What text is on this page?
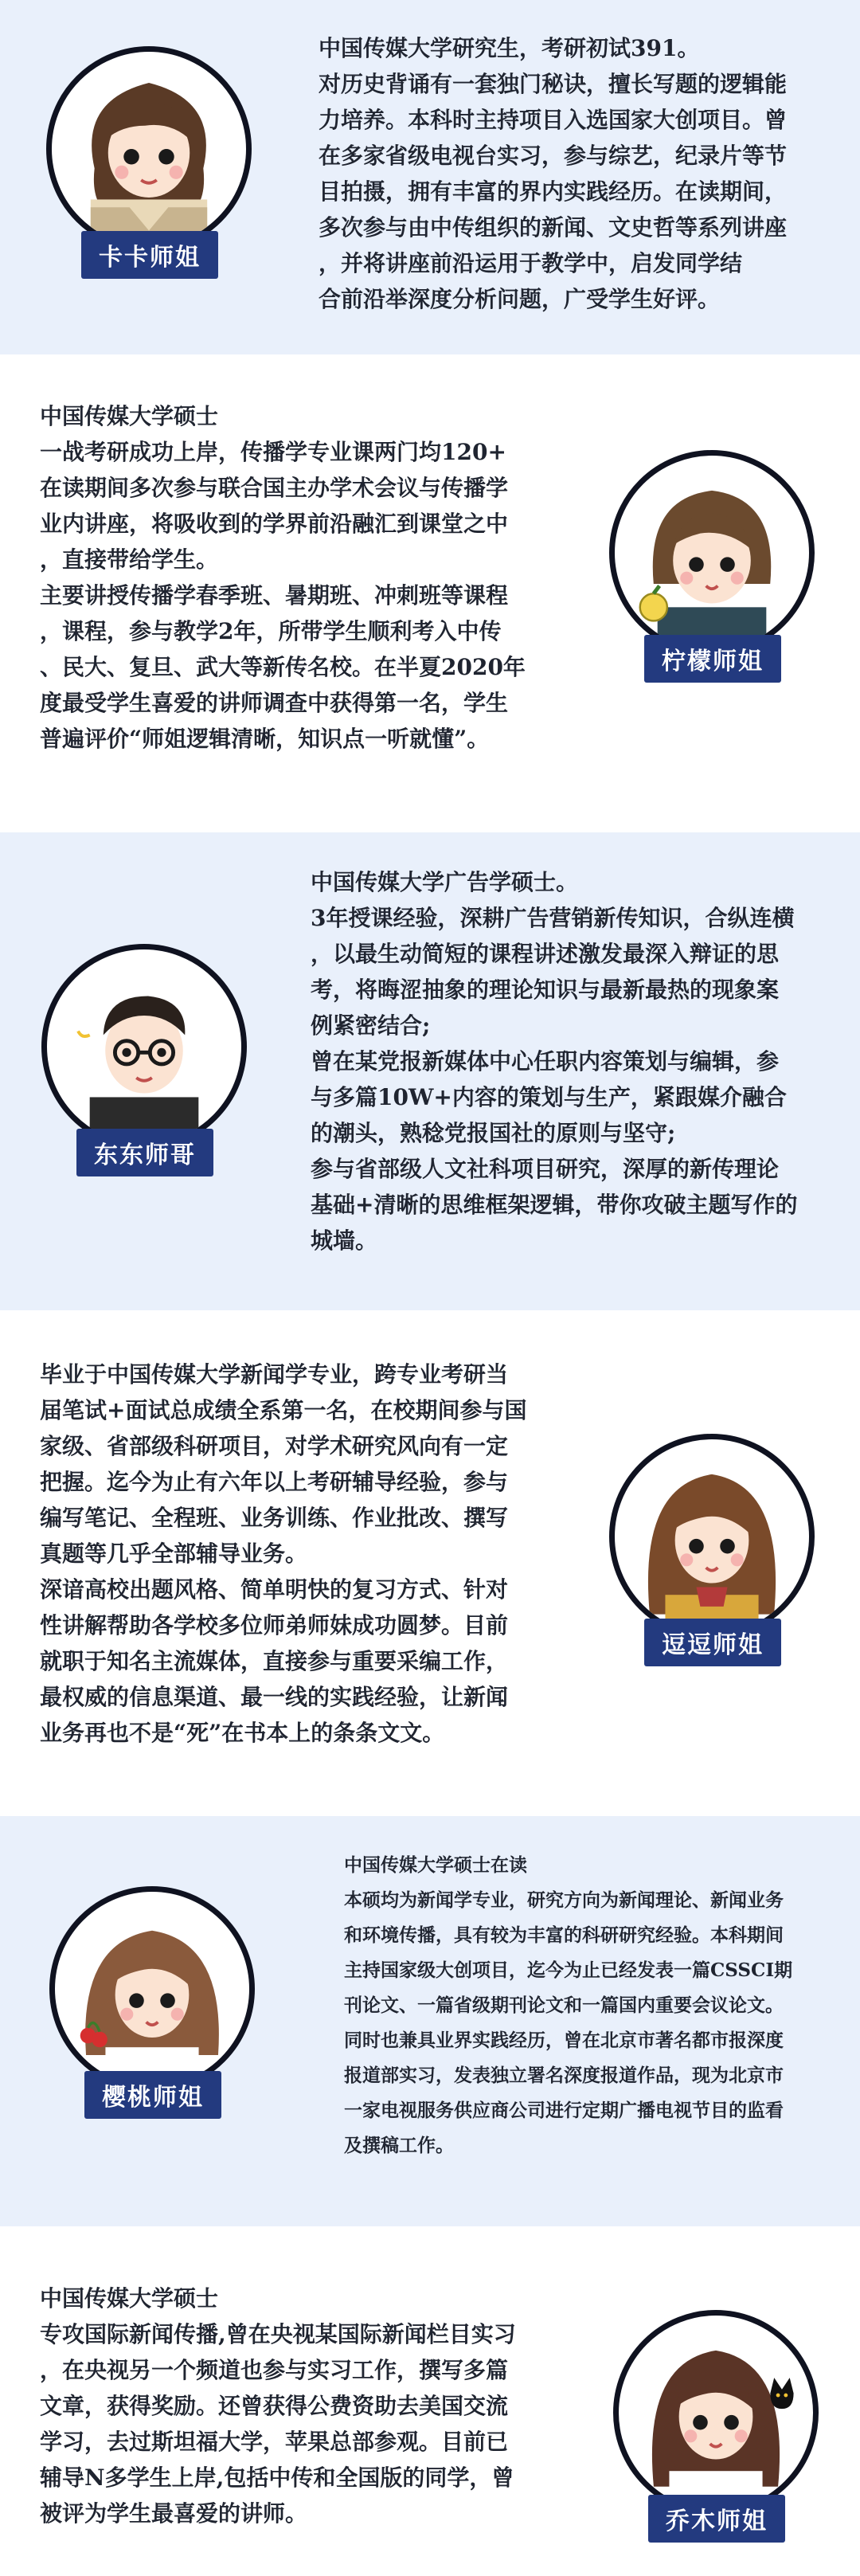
卡卡师姐

中国传媒大学研究生，考研初试391。

对历史背诵有一套独门秘诀，擅长写题的逻辑能

力培养。本科时主持项目入选国家大创项目。曾

在多家省级电视台实习，参与综艺，纪录片等节

目拍摄，拥有丰富的界内实践经历。在读期间，

多次参与由中传组织的新闻、文史哲等系列讲座

，并将讲座前沿运用于教学中，启发同学结

合前沿举深度分析问题，广受学生好评。

中国传媒大学硕士

一战考研成功上岸，传播学专业课两门均120+

在读期间多次参与联合国主办学术会议与传播学

业内讲座，将吸收到的学界前沿融汇到课堂之中

，直接带给学生。

主要讲授传播学春季班、暑期班、冲刺班等课程

，课程，参与教学2年，所带学生顺利考入中传

、民大、复旦、武大等新传名校。在半夏2020年

度最受学生喜爱的讲师调查中获得第一名，学生

普遍评价“师姐逻辑清晰，知识点一听就懂”。

柠檬师姐
东东师哥

中国传媒大学广告学硕士。

3年授课经验，深耕广告营销新传知识，合纵连横

，以最生动简短的课程讲述激发最深入辩证的思

考，将晦涩抽象的理论知识与最新最热的现象案

例紧密结合;

曾在某党报新媒体中心任职内容策划与编辑，参

与多篇10W+内容的策划与生产，紧跟媒介融合

的潮头，熟稔党报国社的原则与坚守;

参与省部级人文社科项目研究，深厚的新传理论

基础+清晰的思维框架逻辑，带你攻破主题写作的

城墙。

毕业于中国传媒大学新闻学专业，跨专业考研当

届笔试+面试总成绩全系第一名，在校期间参与国

家级、省部级科研项目，对学术研究风向有一定

把握。迄今为止有六年以上考研辅导经验，参与

编写笔记、全程班、业务训练、作业批改、撰写

真题等几乎全部辅导业务。

深谙高校出题风格、简单明快的复习方式、针对

性讲解帮助各学校多位师弟师妹成功圆梦。目前

就职于知名主流媒体，直接参与重要采编工作，

最权威的信息渠道、最一线的实践经验，让新闻

业务再也不是“死”在书本上的条条文文。

逗逗师姐
樱桃师姐

中国传媒大学硕士在读

本硕均为新闻学专业，研究方向为新闻理论、新闻业务

和环境传播，具有较为丰富的科研研究经验。本科期间

主持国家级大创项目，迄今为止已经发表一篇CSSCI期

刊论文、一篇省级期刊论文和一篇国内重要会议论文。

同时也兼具业界实践经历，曾在北京市著名都市报深度

报道部实习，发表独立署名深度报道作品，现为北京市

一家电视服务供应商公司进行定期广播电视节目的监看

及撰稿工作。

中国传媒大学硕士

专攻国际新闻传播,曾在央视某国际新闻栏目实习

，在央视另一个频道也参与实习工作，撰写多篇

文章，获得奖励。还曾获得公费资助去美国交流

学习，去过斯坦福大学，苹果总部参观。目前已

辅导N多学生上岸,包括中传和全国版的同学，曾

被评为学生最喜爱的讲师。	乔木师姐
